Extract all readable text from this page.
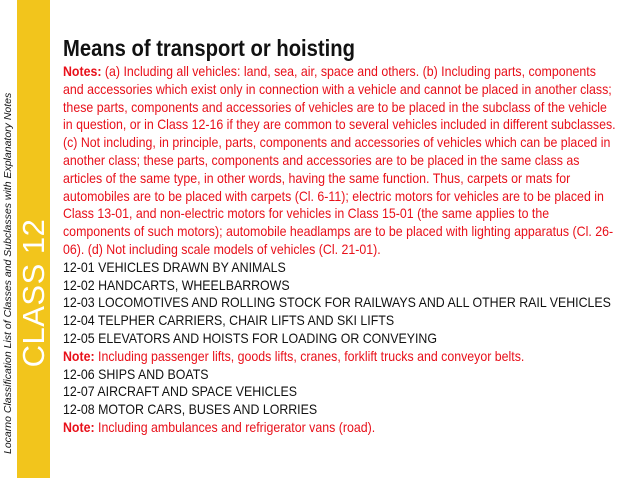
Locarno Classification List of Classes and Subclasses with Explanatory Notes CLASS 12
Means of transport or hoisting
Notes: (a) Including all vehicles: land, sea, air, space and others. (b) Including parts, components
and accessories which exist only in connection with a vehicle and cannot be placed in another class;
these parts, components and accessories of vehicles are to be placed in the subclass of the vehicle
in question, or in Class 12-16 if they are common to several vehicles included in different subclasses.
(c) Not including, in principle, parts, components and accessories of vehicles which can be placed in
another class; these parts, components and accessories are to be placed in the same class as
articles of the same type, in other words, having the same function. Thus, carpets or mats for
automobiles are to be placed with carpets (Cl. 6-11); electric motors for vehicles are to be placed in
Class 13-01, and non-electric motors for vehicles in Class 15-01 (the same applies to the
components of such motors); automobile headlamps are to be placed with lighting apparatus (Cl. 26-
06). (d) Not including scale models of vehicles (Cl. 21-01).
12-01 VEHICLES DRAWN BY ANIMALS
12-02 HANDCARTS, WHEELBARROWS
12-03 LOCOMOTIVES AND ROLLING STOCK FOR RAILWAYS AND ALL OTHER RAIL VEHICLES
12-04 TELPHER CARRIERS, CHAIR LIFTS AND SKI LIFTS
12-05 ELEVATORS AND HOISTS FOR LOADING OR CONVEYING
Note: Including passenger lifts, goods lifts, cranes, forklift trucks and conveyor belts.
12-06 SHIPS AND BOATS
12-07 AIRCRAFT AND SPACE VEHICLES
12-08 MOTOR CARS, BUSES AND LORRIES
Note: Including ambulances and refrigerator vans (road).
